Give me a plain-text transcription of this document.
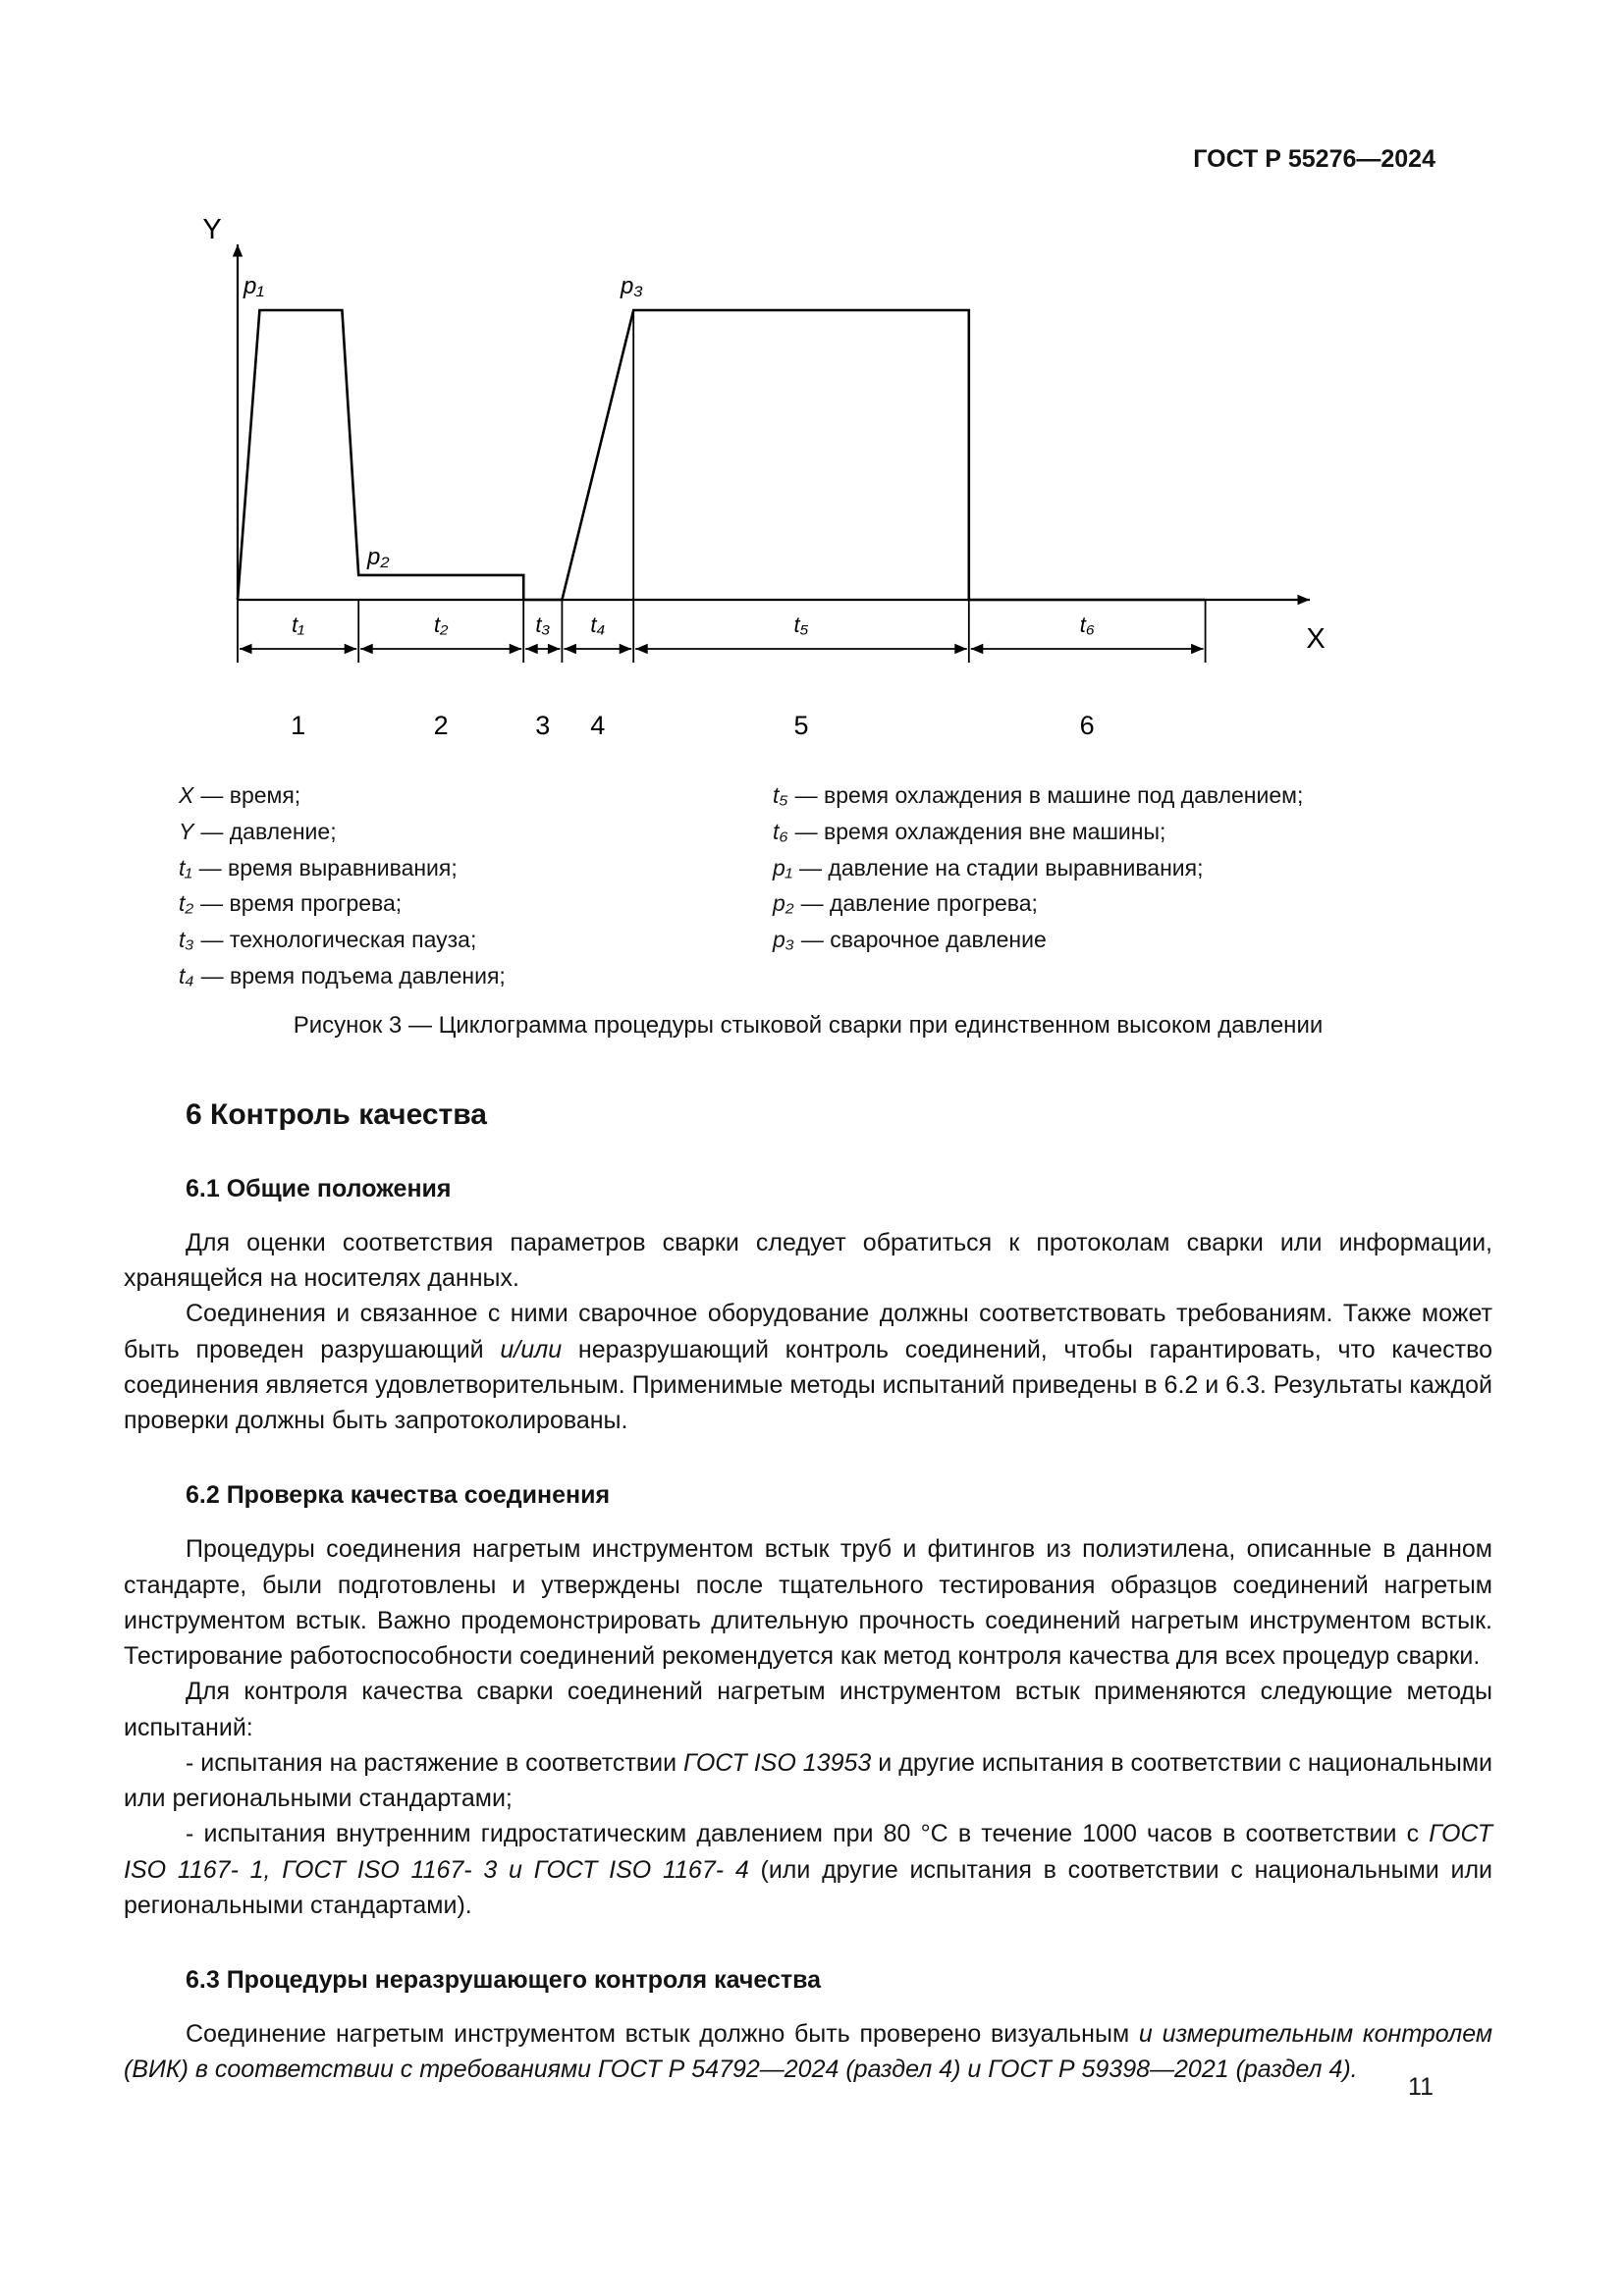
ГОСТ Р 55276—2024
X
Y
t₁
1
t₂
2
t₃
3
t₄
4
t₅
5
t₆
6
p₁
p₂
p₃
X — время;
Y — давление;
t₁ — время выравнивания;
t₂ — время прогрева;
t₃ — технологическая пауза;
t₄ — время подъема давления;
t₅ — время охлаждения в машине под давлением;
t₆ — время охлаждения вне машины;
p₁ — давление на стадии выравнивания;
p₂ — давление прогрева;
p₃ — сварочное давление
Рисунок 3 — Циклограмма процедуры стыковой сварки при единственном высоком давлении
6 Контроль качества
6.1 Общие положения

Для оценки соответствия параметров сварки следует обратиться к протоколам сварки или информации, хранящейся на носителях данных.

Соединения и связанное с ними сварочное оборудование должны соответствовать требованиям. Также может быть проведен разрушающий и/или неразрушающий контроль соединений, чтобы гарантировать, что качество соединения является удовлетворительным. Применимые методы испытаний приведены в 6.2 и 6.3. Результаты каждой проверки должны быть запротоколированы.

6.2 Проверка качества соединения

Процедуры соединения нагретым инструментом встык труб и фитингов из полиэтилена, описанные в данном стандарте, были подготовлены и утверждены после тщательного тестирования образцов соединений нагретым инструментом встык. Важно продемонстрировать длительную прочность соединений нагретым инструментом встык. Тестирование работоспособности соединений рекомендуется как метод контроля качества для всех процедур сварки.

Для контроля качества сварки соединений нагретым инструментом встык применяются следующие методы испытаний:

- испытания на растяжение в соответствии ГОСТ ISO 13953 и другие испытания в соответствии с национальными или региональными стандартами;

- испытания внутренним гидростатическим давлением при 80 °С в течение 1000 часов в соответствии с ГОСТ ISO 1167- 1, ГОСТ ISO 1167- 3 и ГОСТ ISO 1167- 4 (или другие испытания в соответствии с национальными или региональными стандартами).

6.3 Процедуры неразрушающего контроля качества

Соединение нагретым инструментом встык должно быть проверено визуальным и измерительным контролем (ВИК) в соответствии с требованиями ГОСТ Р 54792—2024 (раздел 4) и ГОСТ Р 59398—2021 (раздел 4).

11
